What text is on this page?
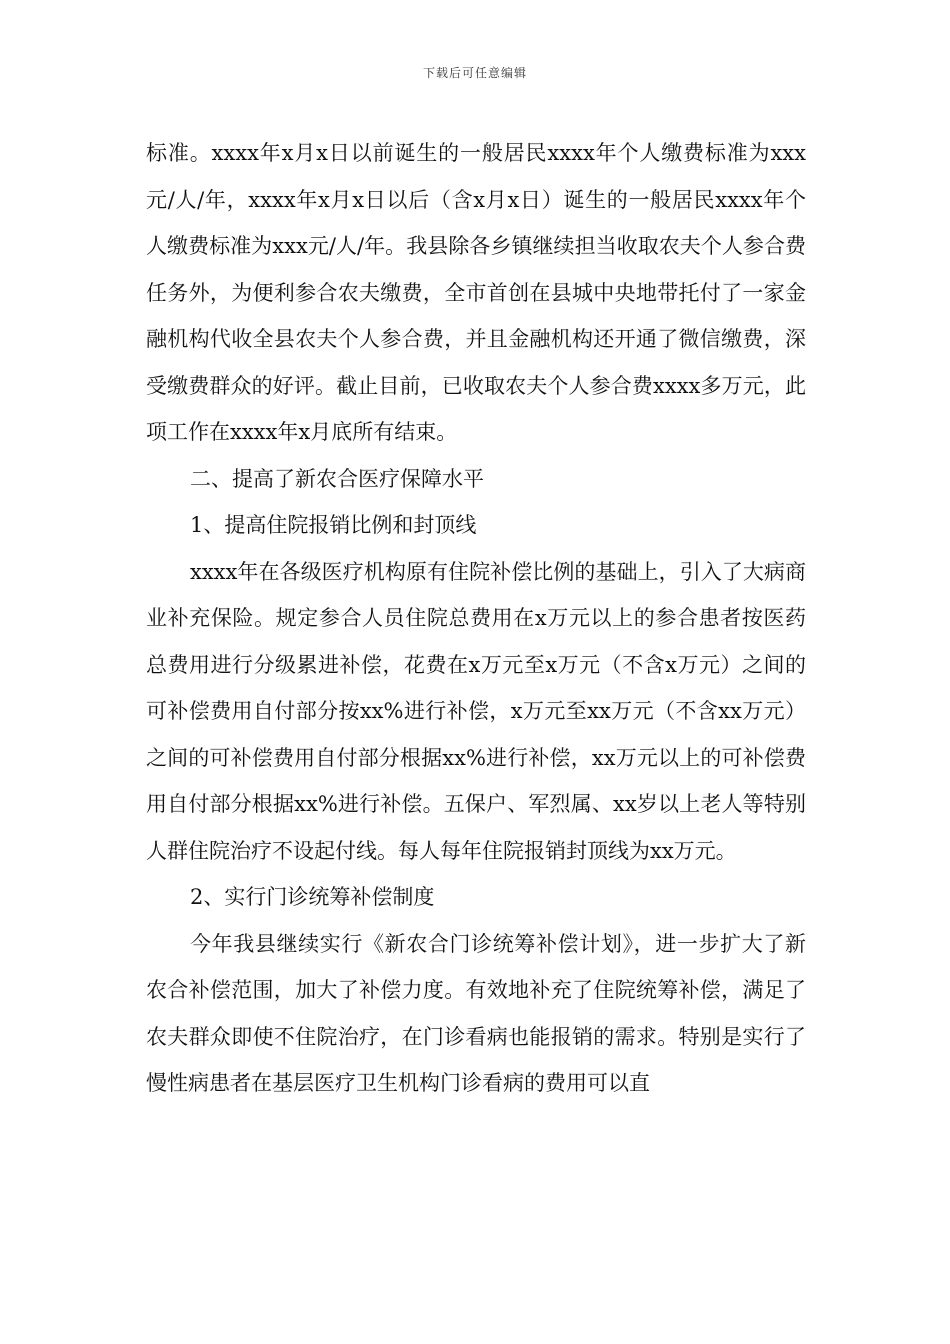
下载后可任意编辑

标准。xxxx年x月x日以前诞生的一般居民xxxx年个人缴费标准为xxx元/人/年，xxxx年x月x日以后（含x月x日）诞生的一般居民xxxx年个人缴费标准为xxx元/人/年。我县除各乡镇继续担当收取农夫个人参合费任务外，为便利参合农夫缴费，全市首创在县城中央地带托付了一家金融机构代收全县农夫个人参合费，并且金融机构还开通了微信缴费，深受缴费群众的好评。截止目前，已收取农夫个人参合费xxxx多万元，此项工作在xxxx年x月底所有结束。

二、提高了新农合医疗保障水平

1、提高住院报销比例和封顶线

xxxx年在各级医疗机构原有住院补偿比例的基础上，引入了大病商业补充保险。规定参合人员住院总费用在x万元以上的参合患者按医药总费用进行分级累进补偿，花费在x万元至x万元（不含x万元）之间的可补偿费用自付部分按xx%进行补偿，x万元至xx万元（不含xx万元）之间的可补偿费用自付部分根据xx%进行补偿，xx万元以上的可补偿费用自付部分根据xx%进行补偿。五保户、军烈属、xx岁以上老人等特别人群住院治疗不设起付线。每人每年住院报销封顶线为xx万元。

2、实行门诊统筹补偿制度

今年我县继续实行《新农合门诊统筹补偿计划》，进一步扩大了新农合补偿范围，加大了补偿力度。有效地补充了住院统筹补偿，满足了农夫群众即使不住院治疗，在门诊看病也能报销的需求。特别是实行了慢性病患者在基层医疗卫生机构门诊看病的费用可以直
